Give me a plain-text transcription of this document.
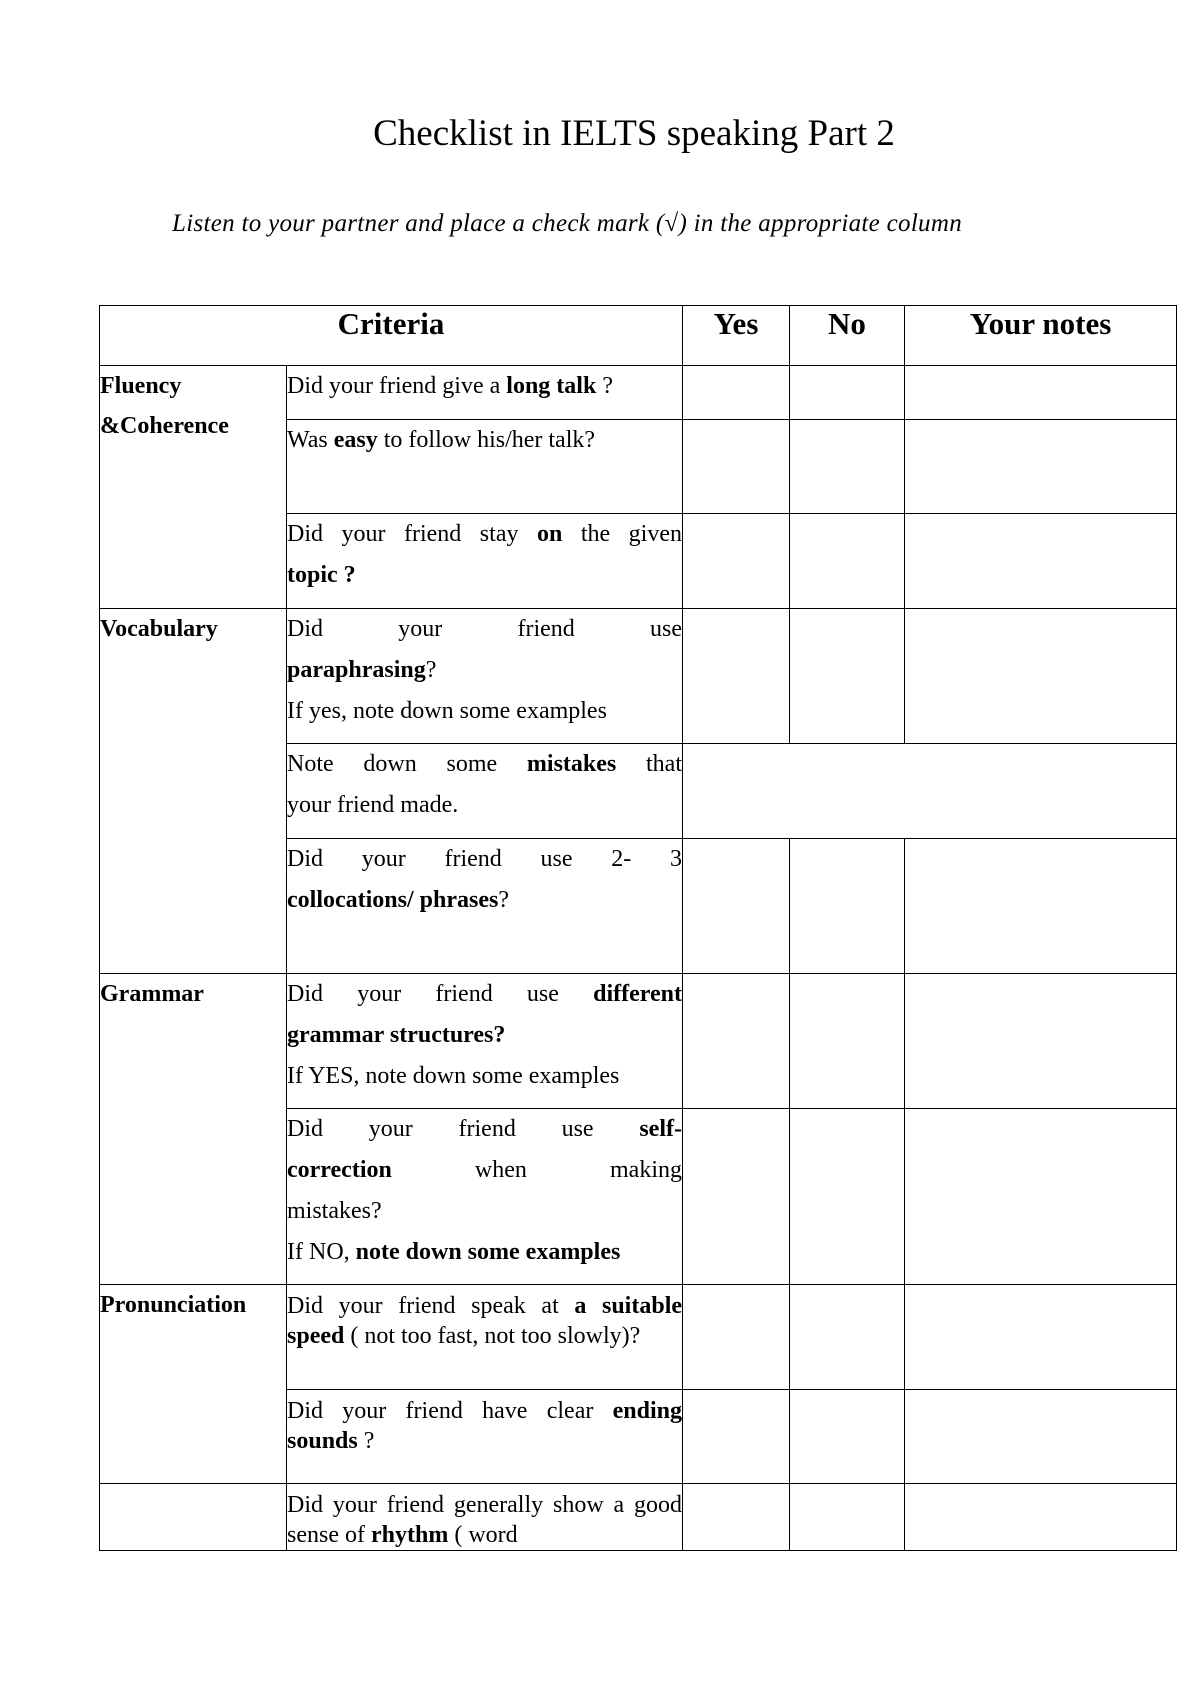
Checklist in IELTS speaking Part 2
Listen to your partner and place a check mark (√) in the appropriate column
Criteria		Yes	No	Your notes

Fluency
&Coherence	Did your friend give a long talk ?			
	Was easy to follow his/her talk?			

	Did your friend stay on the given
topic ?			

Vocabulary	Did your friend use
paraphrasing?
If yes, note down some examples			

	Note down some mistakes that
your friend made.			

	Did your friend use 2- 3
collocations/ phrases?			

Grammar	Did your friend use different
grammar structures?
If YES, note down some examples			

	Did your friend use self-
correction when making
mistakes?
If NO, note down some examples			

Pronunciation	Did your friend speak at a suitable speed ( not too fast, not too slowly)?			
	Did your friend have clear ending sounds ?			
	Did your friend generally show a good sense of rhythm ( word			
